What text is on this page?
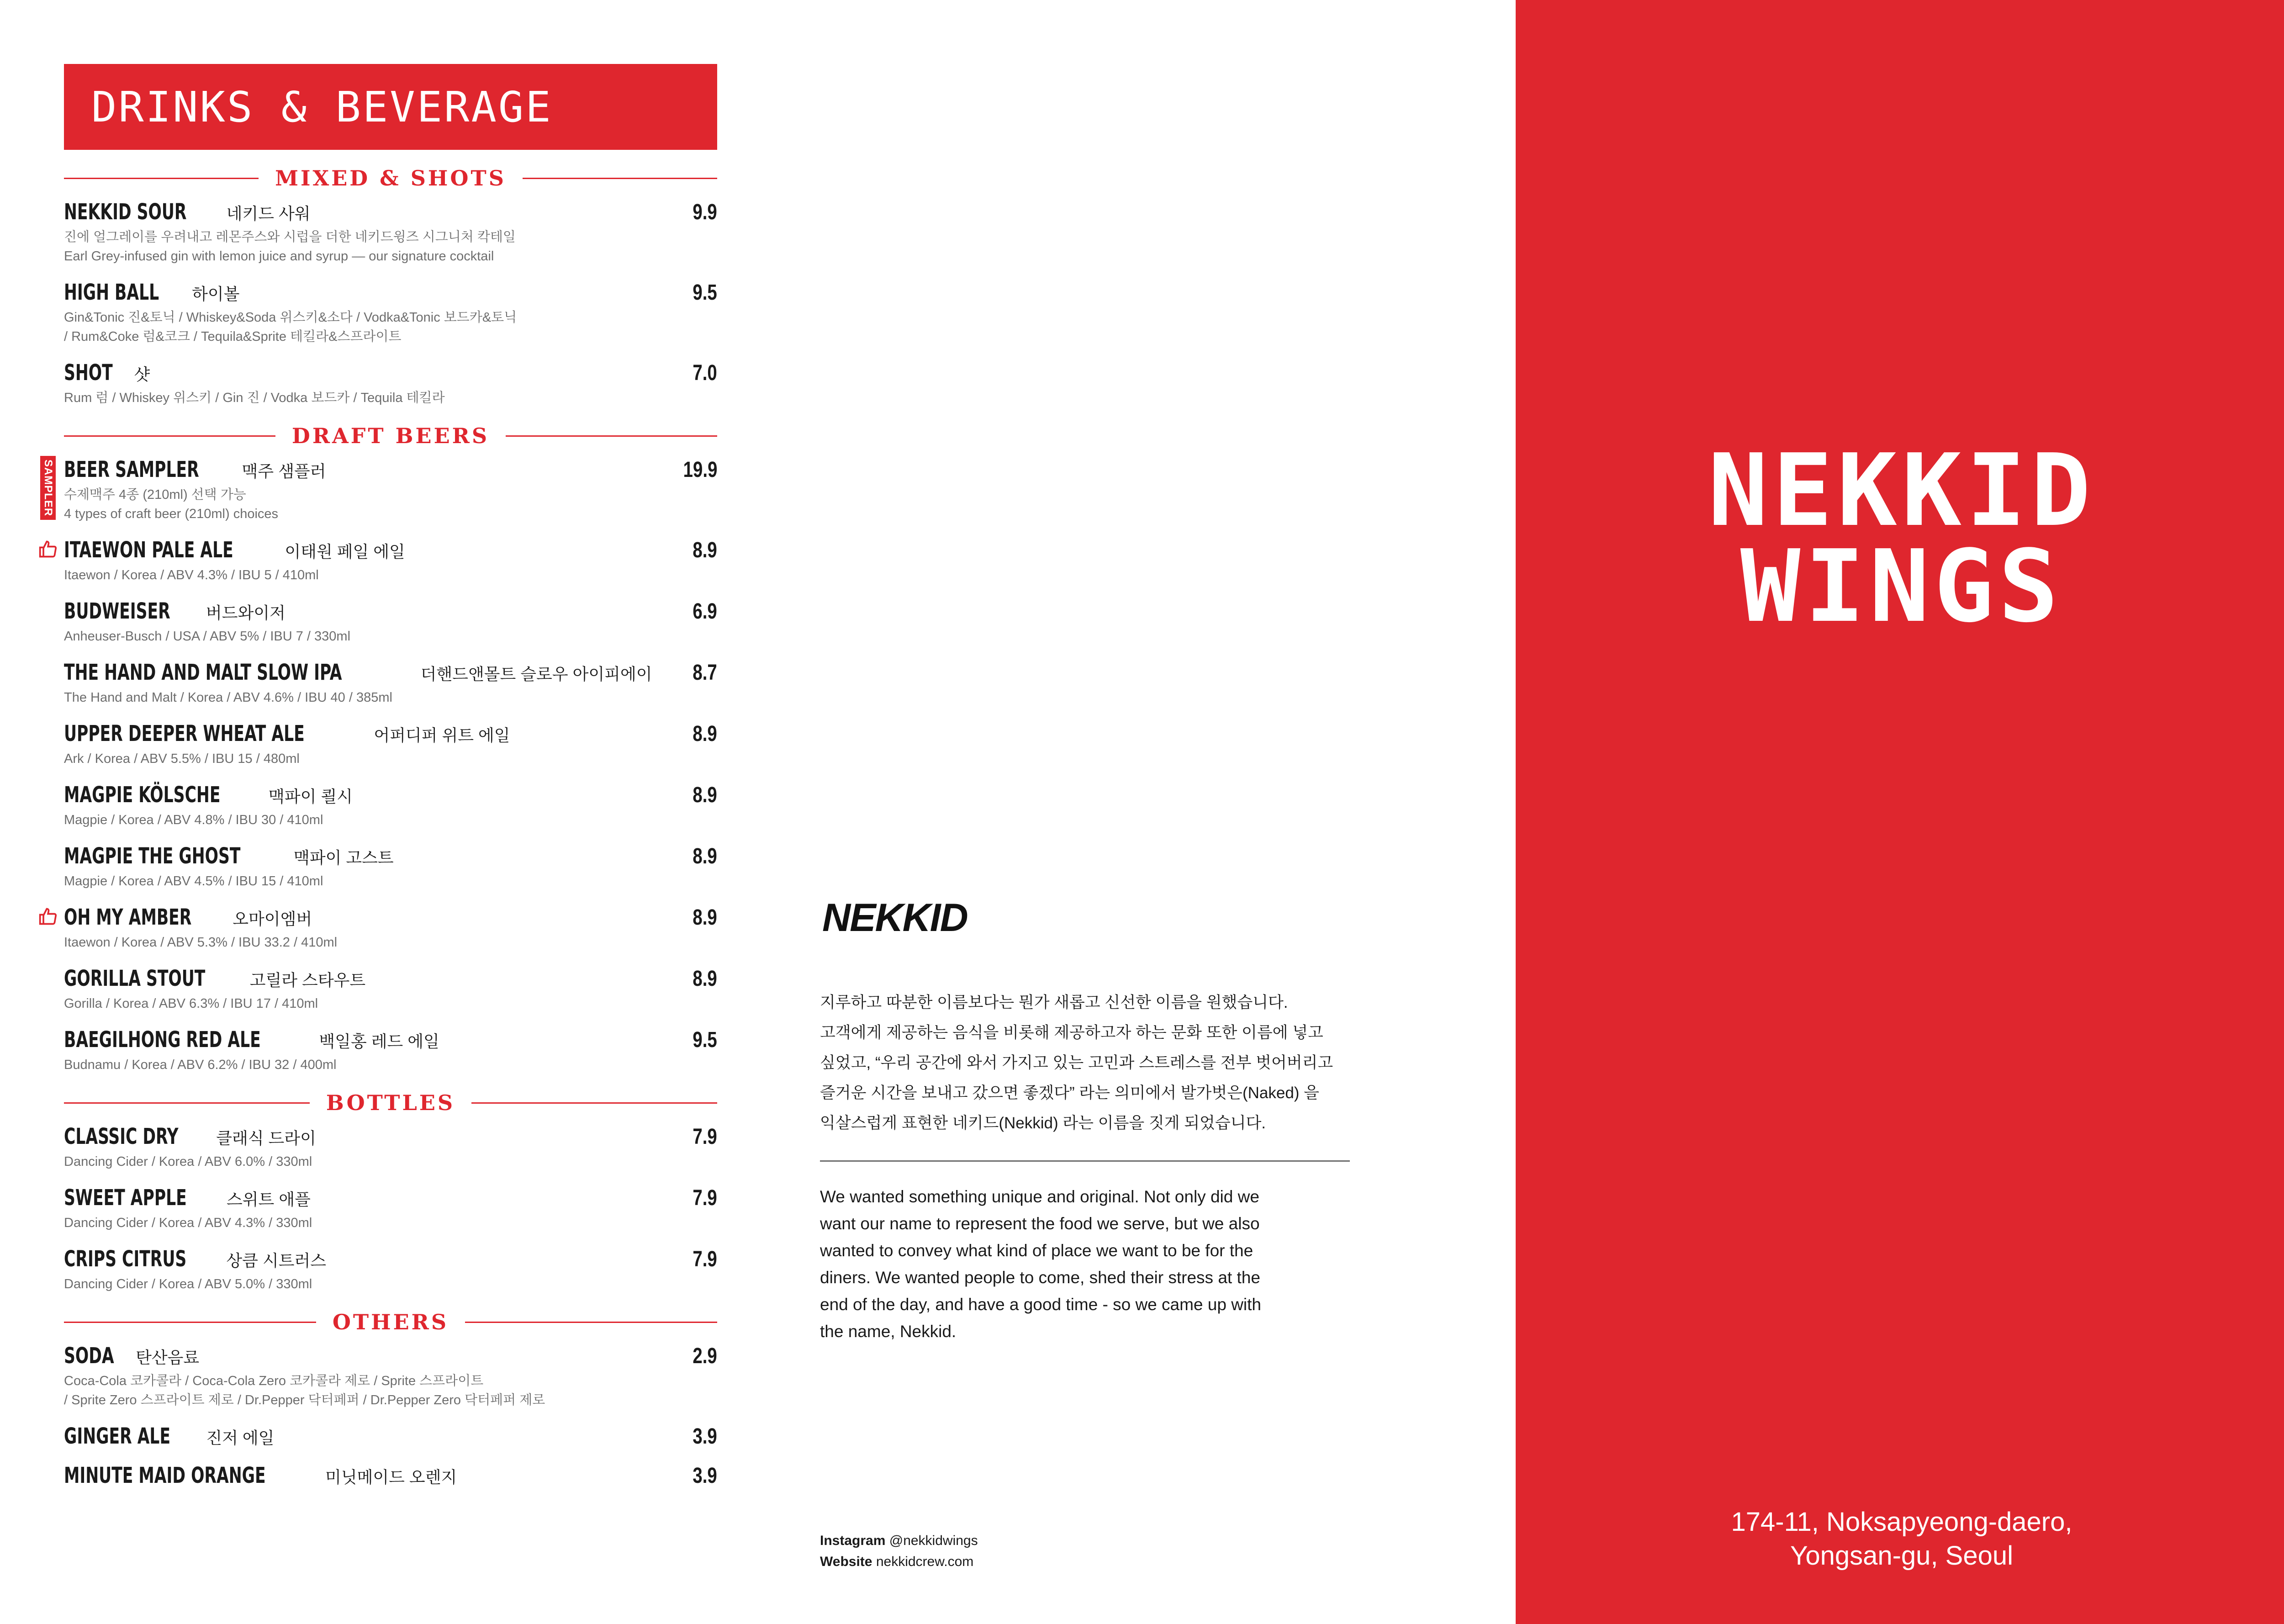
DRINKS & BEVERAGE
MIXED & SHOTS
NEKKID SOUR 네키드 사워	9.9
진에 얼그레이를 우려내고 레몬주스와 시럽을 더한 네키드윙즈 시그니처 칵테일
Earl Grey-infused gin with lemon juice and syrup — our signature cocktail
HIGH BALL 하이볼	9.5
Gin&Tonic 진&토닉 / Whiskey&Soda 위스키&소다 / Vodka&Tonic 보드카&토닉
/ Rum&Coke 럼&코크 / Tequila&Sprite 테킬라&스프라이트
SHOT 샷	7.0
Rum 럼 / Whiskey 위스키 / Gin 진 / Vodka 보드카 / Tequila 테킬라
DRAFT BEERS
SAMPLER BEER SAMPLER	맥주 샘플러	19.9
수제맥주 4종 (210ml) 선택 가능
4 types of craft beer (210ml) choices
ITAEWON PALE ALE	이태원 페일 에일	8.9
Itaewon / Korea / ABV 4.3% / IBU 5 / 410ml
BUDWEISER 버드와이저	6.9
Anheuser-Busch / USA / ABV 5% / IBU 7 / 330ml
THE HAND AND MALT SLOW IPA	더핸드앤몰트 슬로우 아이피에이 8.7
The Hand and Malt / Korea / ABV 4.6% / IBU 40 / 385ml
UPPER DEEPER WHEAT ALE	어퍼디퍼 위트 에일	8.9
Ark / Korea / ABV 5.5% / IBU 15 / 480ml
MAGPIE KÖLSCHE	맥파이 쾰시	8.9
Magpie / Korea / ABV 4.8% / IBU 30 / 410ml
MAGPIE THE GHOST	맥파이 고스트	8.9
Magpie / Korea / ABV 4.5% / IBU 15 / 410ml
OH MY AMBER 오마이엠버	8.9
Itaewon / Korea / ABV 5.3% / IBU 33.2 / 410ml
GORILLA STOUT	고릴라 스타우트	8.9
Gorilla / Korea / ABV 6.3% / IBU 17 / 410ml
BAEGILHONG RED ALE	백일홍 레드 에일	9.5
Budnamu / Korea / ABV 6.2% / IBU 32 / 400ml
BOTTLES
CLASSIC DRY 클래식 드라이	7.9
Dancing Cider / Korea / ABV 6.0% / 330ml
SWEET APPLE 스위트 애플	7.9
Dancing Cider / Korea / ABV 4.3% / 330ml
CRIPS CITRUS 상큼 시트러스	7.9
Dancing Cider / Korea / ABV 5.0% / 330ml
OTHERS
SODA 탄산음료	2.9
Coca-Cola 코카콜라 / Coca-Cola Zero 코카콜라 제로 / Sprite 스프라이트
/ Sprite Zero 스프라이트 제로 / Dr.Pepper 닥터페퍼 / Dr.Pepper Zero 닥터페퍼 제로
GINGER ALE 진저 에일	3.9
MINUTE MAID ORANGE	미닛메이드 오렌지	3.9
NEKKID
지루하고 따분한 이름보다는 뭔가 새롭고 신선한 이름을 원했습니다.
고객에게 제공하는 음식을 비롯해 제공하고자 하는 문화 또한 이름에 넣고
싶었고, “우리 공간에 와서 가지고 있는 고민과 스트레스를 전부 벗어버리고
즐거운 시간을 보내고 갔으면 좋겠다” 라는 의미에서 발가벗은(Naked) 을
익살스럽게 표현한 네키드(Nekkid) 라는 이름을 짓게 되었습니다.
We wanted something unique and original. Not only did we
want our name to represent the food we serve, but we also
wanted to convey what kind of place we want to be for the
diners. We wanted people to come, shed their stress at the
end of the day, and have a good time - so we came up with
the name, Nekkid.
Instagram @nekkidwings
Website nekkidcrew.com
NEKKID
WINGS
174-11, Noksapyeong-daero,
Yongsan-gu, Seoul
